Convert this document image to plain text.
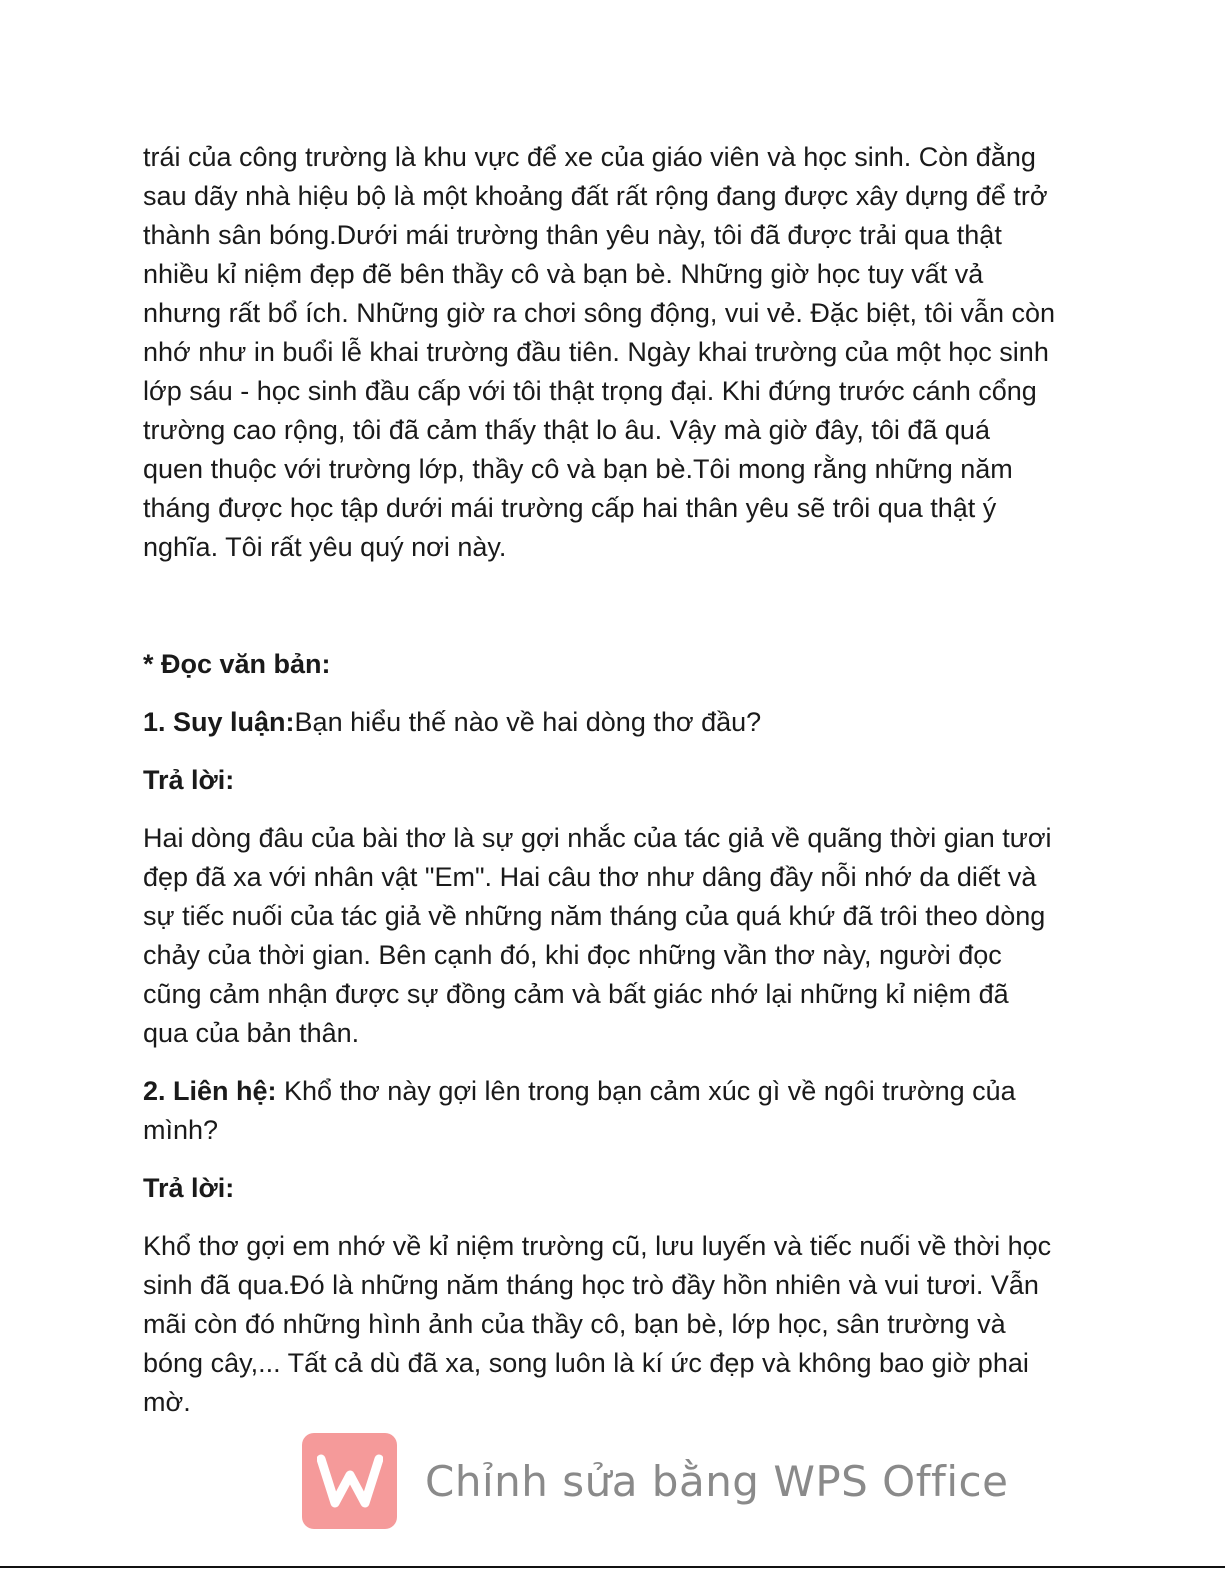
trái của công trường là khu vực để xe của giáo viên và học sinh. Còn đằng
sau dãy nhà hiệu bộ là một khoảng đất rất rộng đang được xây dựng để trở
thành sân bóng.Dưới mái trường thân yêu này, tôi đã được trải qua thật
nhiều kỉ niệm đẹp đẽ bên thầy cô và bạn bè. Những giờ học tuy vất vả
nhưng rất bổ ích. Những giờ ra chơi sông động, vui vẻ. Đặc biệt, tôi vẫn còn
nhớ như in buổi lễ khai trường đầu tiên. Ngày khai trường của một học sinh
lớp sáu - học sinh đầu cấp với tôi thật trọng đại. Khi đứng trước cánh cổng
trường cao rộng, tôi đã cảm thấy thật lo âu. Vậy mà giờ đây, tôi đã quá
quen thuộc với trường lớp, thầy cô và bạn bè.Tôi mong rằng những năm
tháng được học tập dưới mái trường cấp hai thân yêu sẽ trôi qua thật ý
nghĩa. Tôi rất yêu quý nơi này.

* Đọc văn bản:

1. Suy luận:Bạn hiểu thế nào về hai dòng thơ đầu?

Trả lời:

Hai dòng đâu của bài thơ là sự gợi nhắc của tác giả về quãng thời gian tươi
đẹp đã xa với nhân vật "Em". Hai câu thơ như dâng đầy nỗi nhớ da diết và
sự tiếc nuối của tác giả về những năm tháng của quá khứ đã trôi theo dòng
chảy của thời gian. Bên cạnh đó, khi đọc những vần thơ này, người đọc
cũng cảm nhận được sự đồng cảm và bất giác nhớ lại những kỉ niệm đã
qua của bản thân.

2. Liên hệ: Khổ thơ này gợi lên trong bạn cảm xúc gì về ngôi trường của
mình?

Trả lời:

Khổ thơ gợi em nhớ về kỉ niệm trường cũ, lưu luyến và tiếc nuối về thời học
sinh đã qua.Đó là những năm tháng học trò đầy hồn nhiên và vui tươi. Vẫn
mãi còn đó những hình ảnh của thầy cô, bạn bè, lớp học, sân trường và
bóng cây,... Tất cả dù đã xa, song luôn là kí ức đẹp và không bao giờ phai
mờ.

Chỉnh sửa bằng WPS Office
